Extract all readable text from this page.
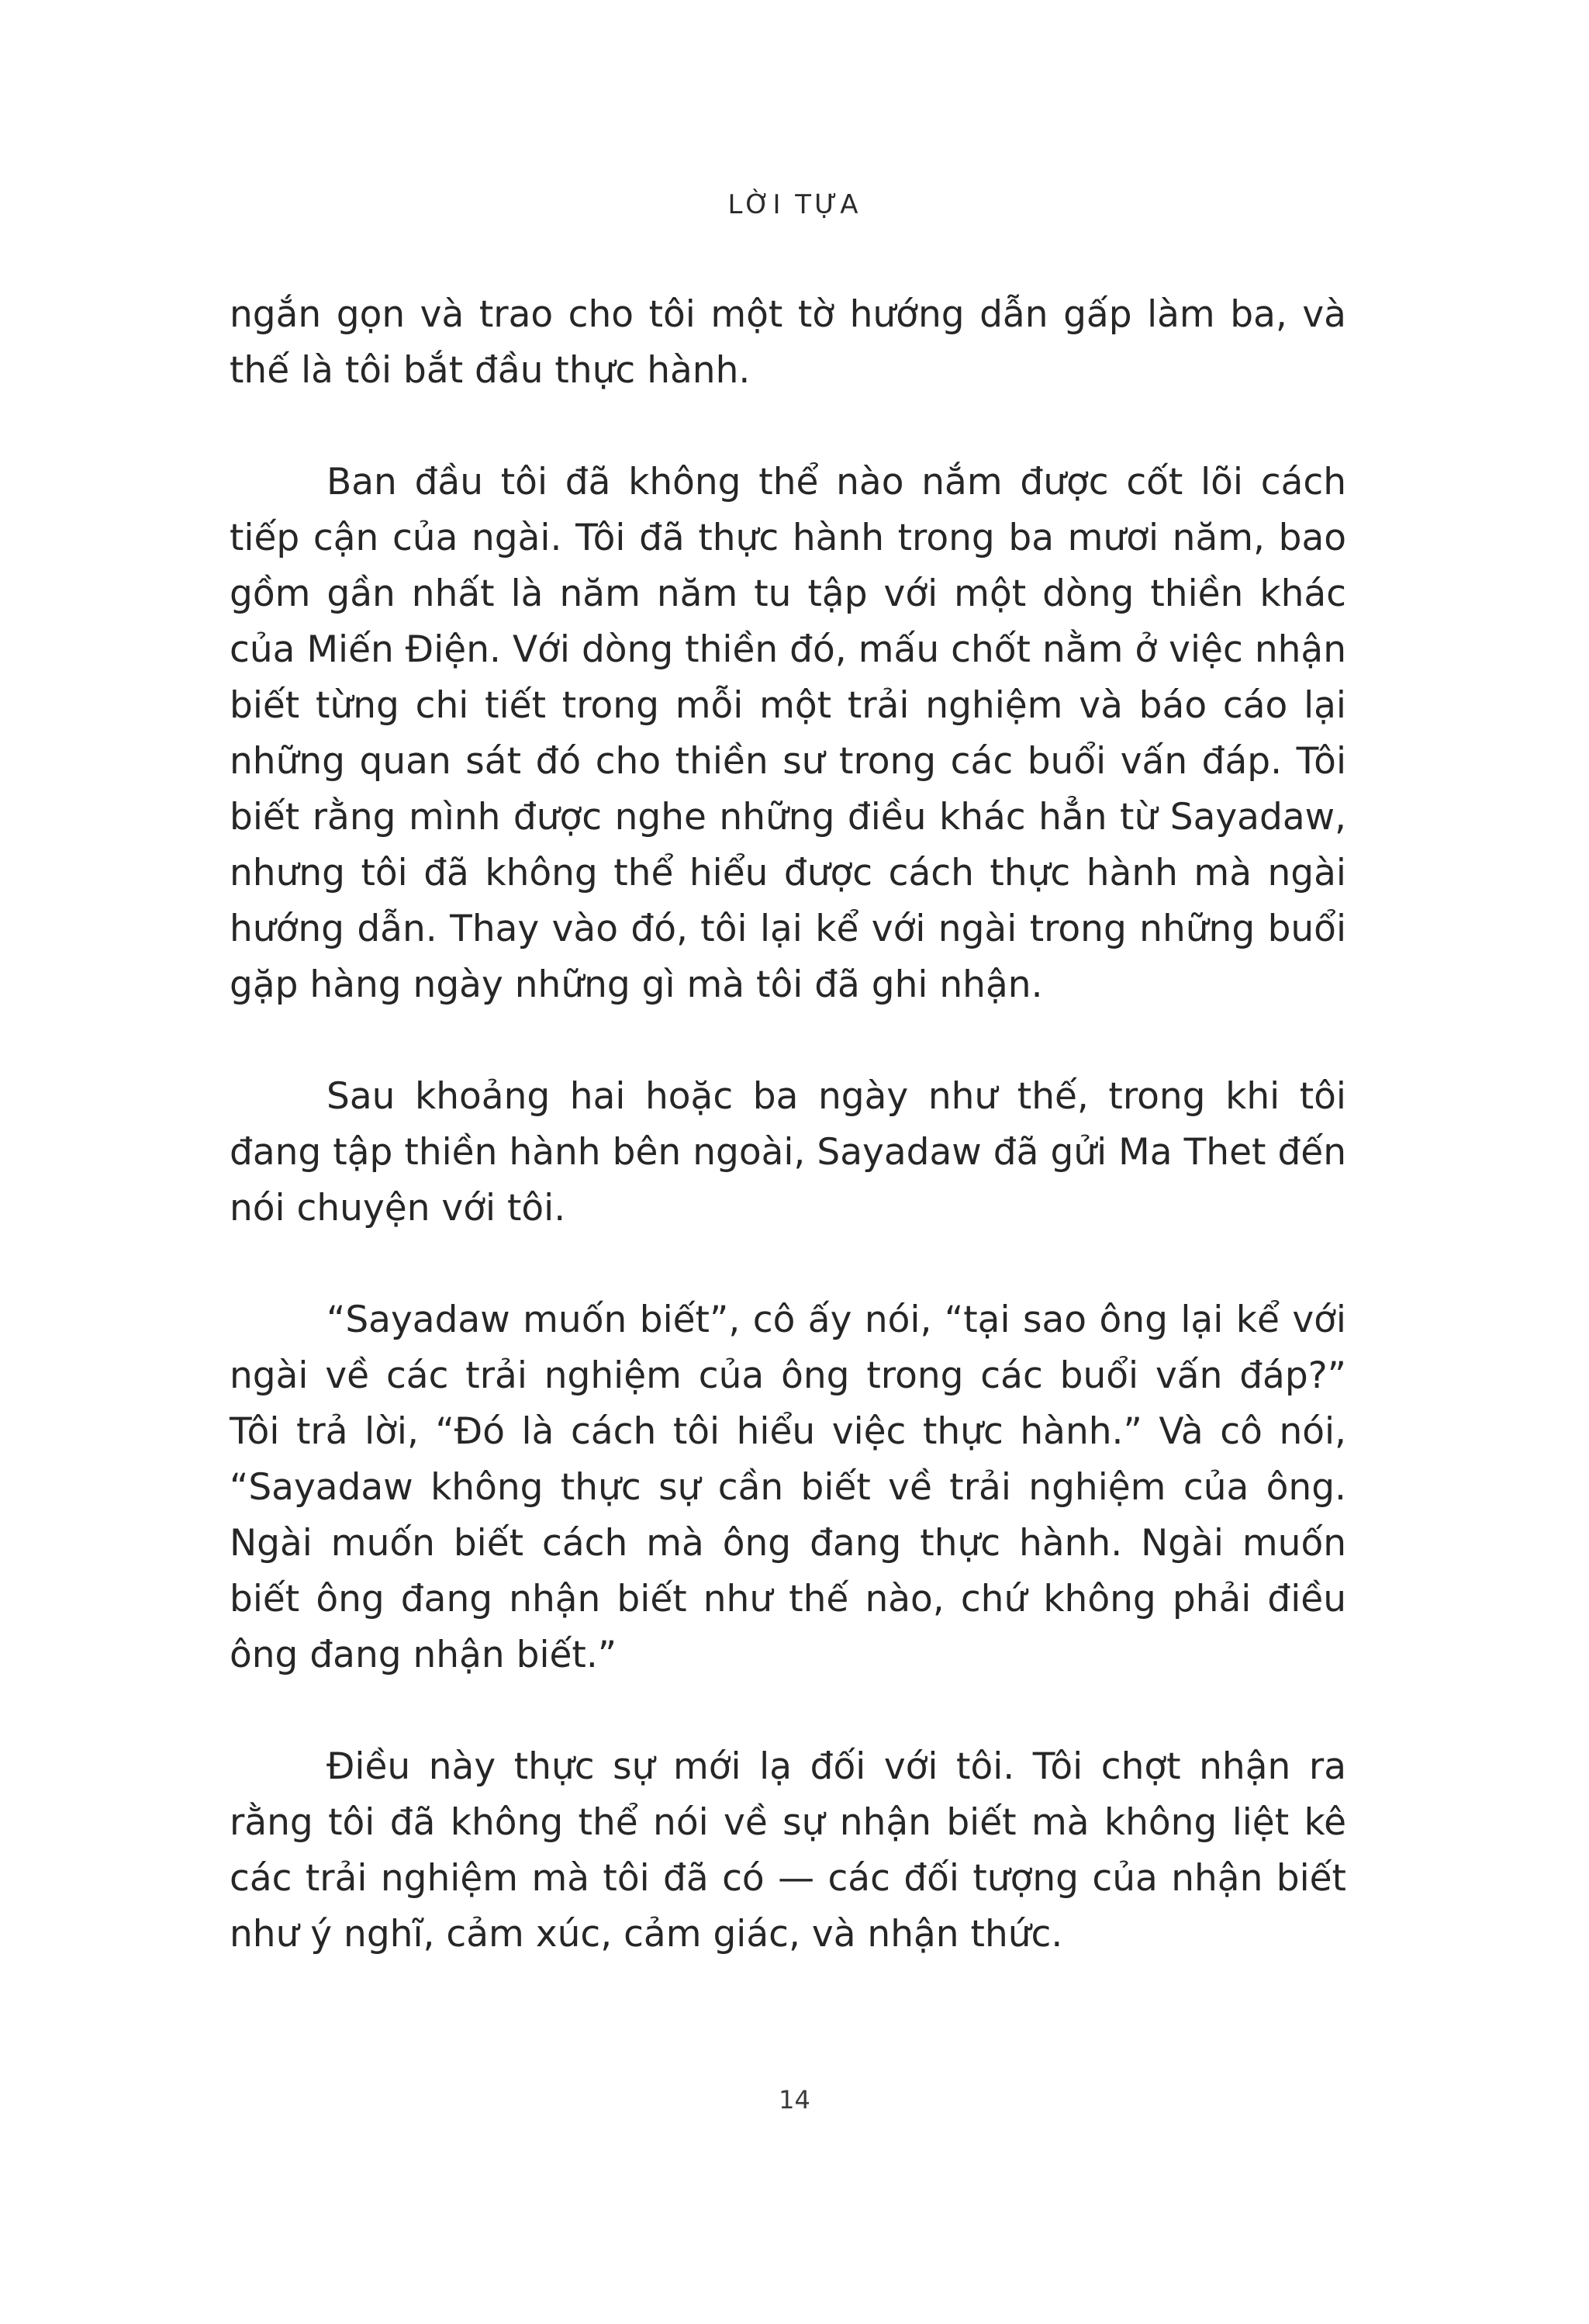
LỜI TỰA

ngắn gọn và trao cho tôi một tờ hướng dẫn gấp làm ba, và thế là tôi bắt đầu thực hành.

Ban đầu tôi đã không thể nào nắm được cốt lõi cách tiếp cận của ngài. Tôi đã thực hành trong ba mươi năm, bao gồm gần nhất là năm năm tu tập với một dòng thiền khác của Miến Điện. Với dòng thiền đó, mấu chốt nằm ở việc nhận biết từng chi tiết trong mỗi một trải nghiệm và báo cáo lại những quan sát đó cho thiền sư trong các buổi vấn đáp. Tôi biết rằng mình được nghe những điều khác hẳn từ Sayadaw, nhưng tôi đã không thể hiểu được cách thực hành mà ngài hướng dẫn. Thay vào đó, tôi lại kể với ngài trong những buổi gặp hàng ngày những gì mà tôi đã ghi nhận.

Sau khoảng hai hoặc ba ngày như thế, trong khi tôi đang tập thiền hành bên ngoài, Sayadaw đã gửi Ma Thet đến nói chuyện với tôi.

“Sayadaw muốn biết”, cô ấy nói, “tại sao ông lại kể với ngài về các trải nghiệm của ông trong các buổi vấn đáp?” Tôi trả lời, “Đó là cách tôi hiểu việc thực hành.” Và cô nói, “Sayadaw không thực sự cần biết về trải nghiệm của ông. Ngài muốn biết cách mà ông đang thực hành. Ngài muốn biết ông đang nhận biết như thế nào, chứ không phải điều ông đang nhận biết.”

Điều này thực sự mới lạ đối với tôi. Tôi chợt nhận ra rằng tôi đã không thể nói về sự nhận biết mà không liệt kê các trải nghiệm mà tôi đã có — các đối tượng của nhận biết như ý nghĩ, cảm xúc, cảm giác, và nhận thức.

14
